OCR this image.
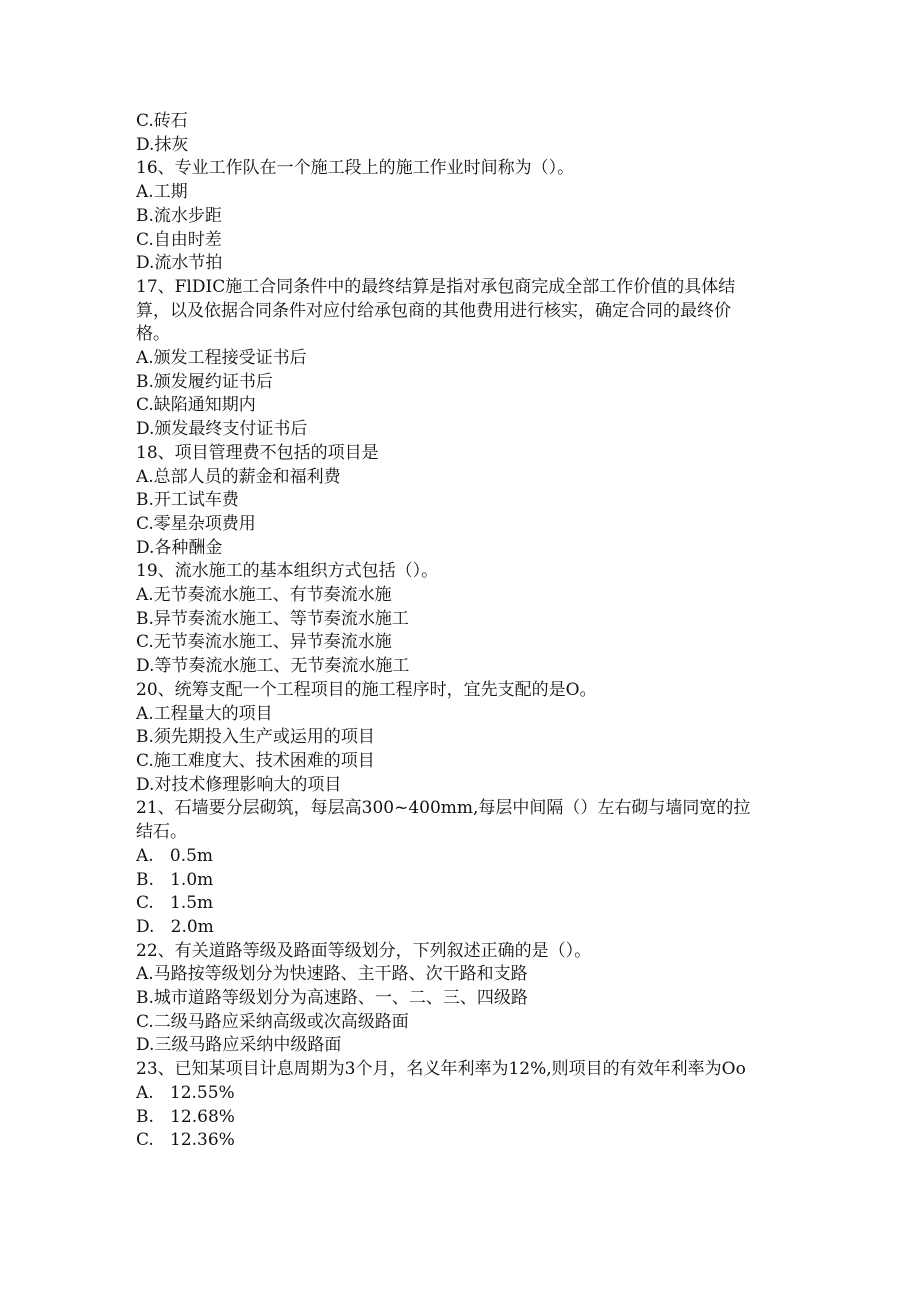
C.砖石

D.抹灰

16、专业工作队在一个施工段上的施工作业时间称为（）。

A.工期

B.流水步距

C.自由时差

D.流水节拍

17、FlDIC施工合同条件中的最终结算是指对承包商完成全部工作价值的具体结

算，以及依据合同条件对应付给承包商的其他费用进行核实，确定合同的最终价

格。

A.颁发工程接受证书后

B.颁发履约证书后

C.缺陷通知期内

D.颁发最终支付证书后

18、项目管理费不包括的项目是

A.总部人员的薪金和福利费

B.开工试车费

C.零星杂项费用

D.各种酬金

19、流水施工的基本组织方式包括（）。

A.无节奏流水施工、有节奏流水施

B.异节奏流水施工、等节奏流水施工

C.无节奏流水施工、异节奏流水施

D.等节奏流水施工、无节奏流水施工

20、统筹支配一个工程项目的施工程序时，宜先支配的是O。

A.工程量大的项目

B.须先期投入生产或运用的项目

C.施工难度大、技术困难的项目

D.对技术修理影响大的项目

21、石墙要分层砌筑，每层高300~400mm,每层中间隔（）左右砌与墙同宽的拉

结石。

A.   0.5m

B.   1.0m

C.   1.5m

D.   2.0m

22、有关道路等级及路面等级划分，下列叙述正确的是（）。

A.马路按等级划分为快速路、主干路、次干路和支路

B.城市道路等级划分为高速路、一、二、三、四级路

C.二级马路应采纳高级或次高级路面

D.三级马路应采纳中级路面

23、已知某项目计息周期为3个月，名义年利率为12%,则项目的有效年利率为Oo

A.   12.55%

B.   12.68%

C.   12.36%
